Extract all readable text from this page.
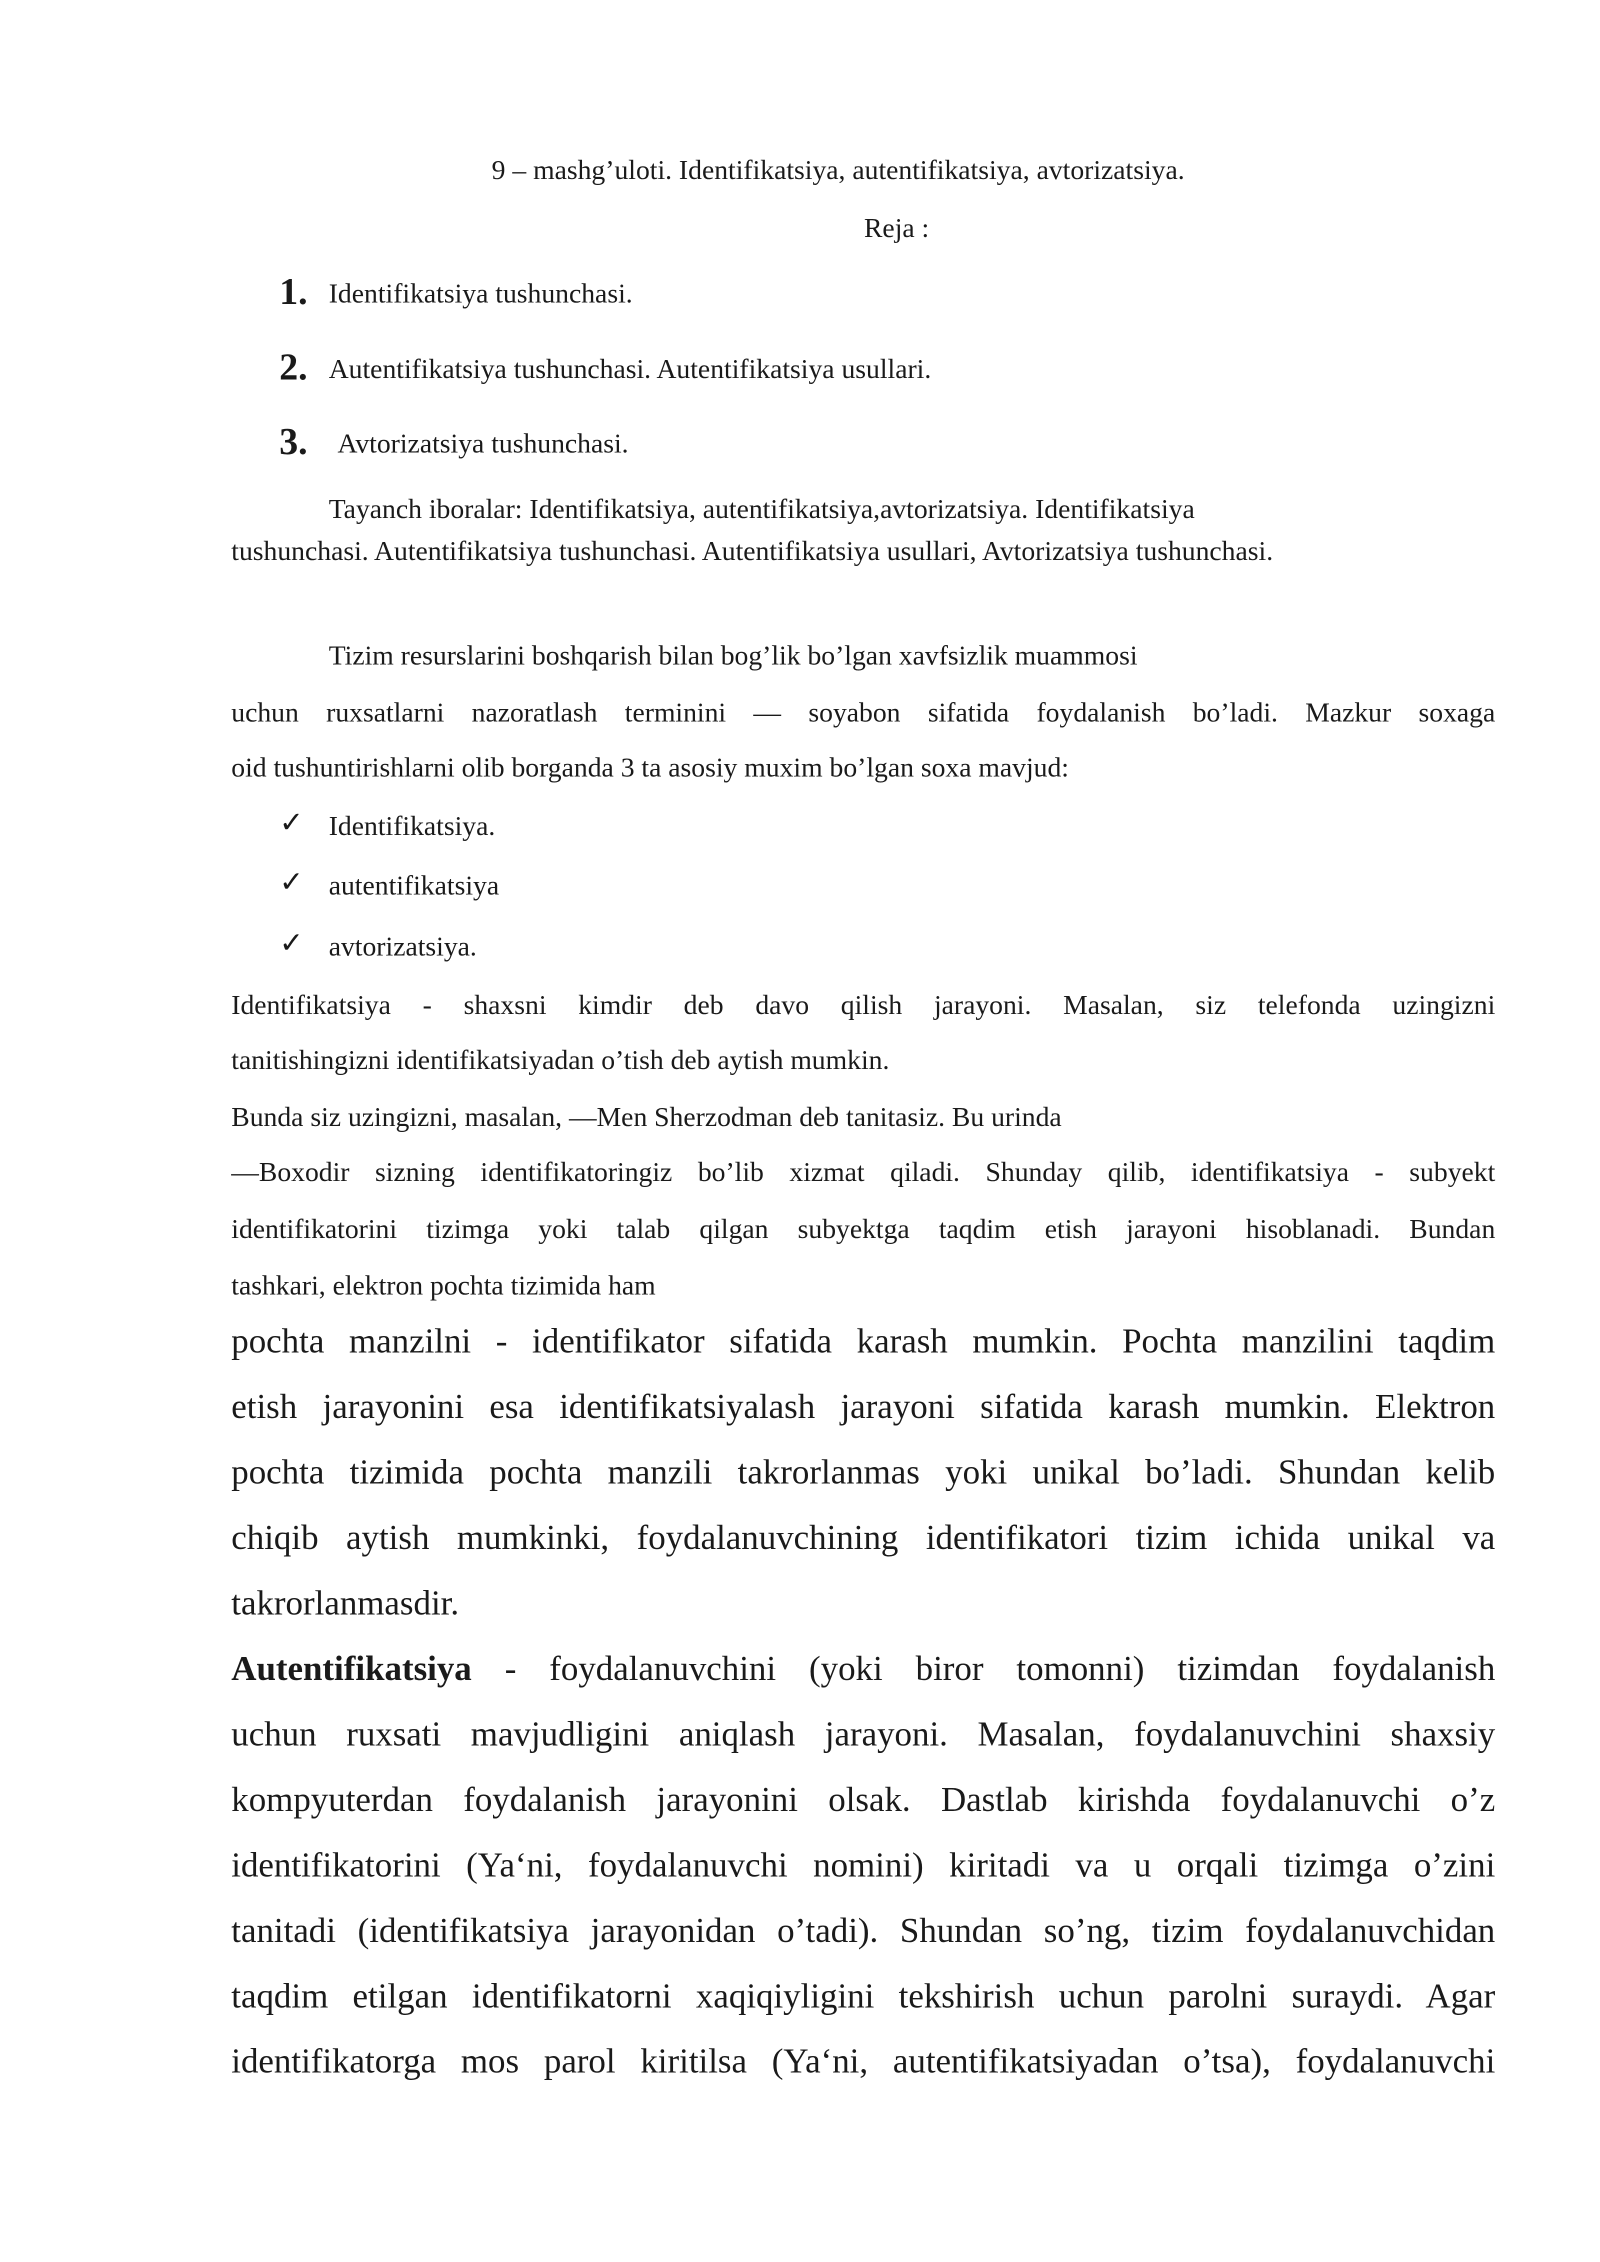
9 – mashg’uloti. Identifikatsiya, autentifikatsiya, avtorizatsiya.
Reja :
1. Identifikatsiya tushunchasi.
2. Autentifikatsiya tushunchasi. Autentifikatsiya usullari.
3. Avtorizatsiya tushunchasi.
Tayanch iboralar: Identifikatsiya, autentifikatsiya,avtorizatsiya. Identifikatsiya
tushunchasi. Autentifikatsiya tushunchasi. Autentifikatsiya usullari, Avtorizatsiya tushunchasi.
Tizim resurslarini boshqarish bilan bog’lik bo’lgan xavfsizlik muammosi
uchun ruxsatlarni nazoratlash terminini — soyabon sifatida foydalanish bo’ladi. Mazkur soxaga
oid tushuntirishlarni olib borganda 3 ta asosiy muxim bo’lgan soxa mavjud:
✓ Identifikatsiya.
✓ autentifikatsiya
✓ avtorizatsiya.
Identifikatsiya - shaxsni kimdir deb davo qilish jarayoni. Masalan, siz telefonda uzingizni
tanitishingizni identifikatsiyadan o’tish deb aytish mumkin.
Bunda siz uzingizni, masalan, —Men Sherzodman deb tanitasiz. Bu urinda
—Boxodir sizning identifikatoringiz bo’lib xizmat qiladi. Shunday qilib, identifikatsiya - subyekt
identifikatorini tizimga yoki talab qilgan subyektga taqdim etish jarayoni hisoblanadi. Bundan
tashkari, elektron pochta tizimida ham
pochta manzilni - identifikator sifatida karash mumkin. Pochta manzilini taqdim
etish jarayonini esa identifikatsiyalash jarayoni sifatida karash mumkin. Elektron
pochta tizimida pochta manzili takrorlanmas yoki unikal bo’ladi. Shundan kelib
chiqib aytish mumkinki, foydalanuvchining identifikatori tizim ichida unikal va
takrorlanmasdir.
Autentifikatsiya - foydalanuvchini (yoki biror tomonni) tizimdan foydalanish
uchun ruxsati mavjudligini aniqlash jarayoni. Masalan, foydalanuvchini shaxsiy
kompyuterdan foydalanish jarayonini olsak. Dastlab kirishda foydalanuvchi o’z
identifikatorini (Ya‘ni, foydalanuvchi nomini) kiritadi va u orqali tizimga o’zini
tanitadi (identifikatsiya jarayonidan o’tadi). Shundan so’ng, tizim foydalanuvchidan
taqdim etilgan identifikatorni xaqiqiyligini tekshirish uchun parolni suraydi. Agar
identifikatorga mos parol kiritilsa (Ya‘ni, autentifikatsiyadan o’tsa), foydalanuvchi
